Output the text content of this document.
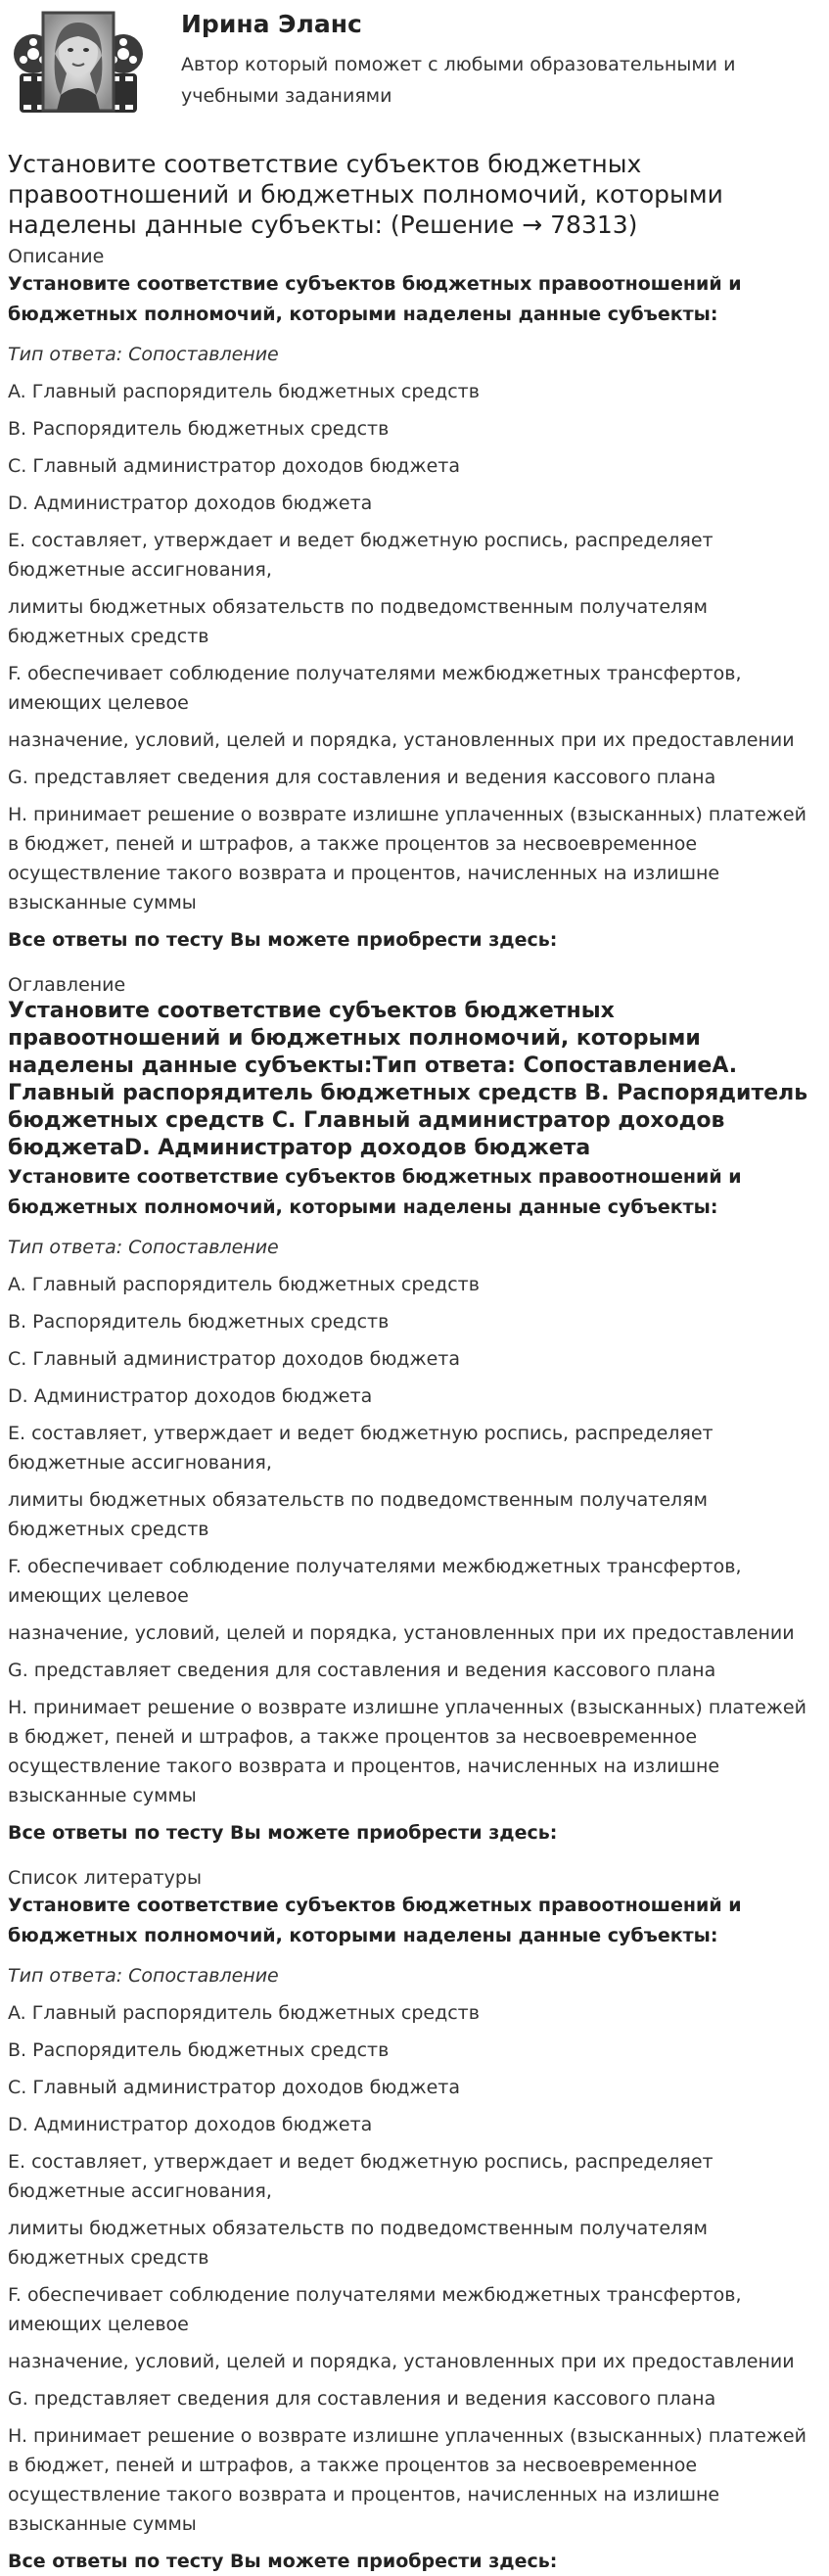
Ирина Эланс
Автор который поможет с любыми образовательными и учебными заданиями
Установите соответствие субъектов бюджетных правоотношений и бюджетных полномочий, которыми наделены данные субъекты: (Решение → 78313)
Описание

Установите соответствие субъектов бюджетных правоотношений и бюджетных полномочий, которыми наделены данные субъекты:

Тип ответа: Сопоставление

A. Главный распорядитель бюджетных средств

B. Распорядитель бюджетных средств

C. Главный администратор доходов бюджета

D. Администратор доходов бюджета

E. составляет, утверждает и ведет бюджетную роспись, распределяет бюджетные ассигнования,

лимиты бюджетных обязательств по подведомственным получателям бюджетных средств

F. обеспечивает соблюдение получателями межбюджетных трансфертов, имеющих целевое

назначение, условий, целей и порядка, установленных при их предоставлении

G. представляет сведения для составления и ведения кассового плана

H. принимает решение о возврате излишне уплаченных (взысканных) платежей в бюджет, пеней и штрафов, а также процентов за несвоевременное осуществление такого возврата и процентов, начисленных на излишне взысканные суммы

Все ответы по тесту Вы можете приобрести здесь:

Оглавление
Установите соответствие субъектов бюджетных правоотношений и бюджетных полномочий, которыми наделены данные субъекты:Тип ответа: СопоставлениеA. Главный распорядитель бюджетных средств B. Распорядитель бюджетных средств C. Главный администратор доходов бюджетаD. Администратор доходов бюджета

Установите соответствие субъектов бюджетных правоотношений и бюджетных полномочий, которыми наделены данные субъекты:

Тип ответа: Сопоставление

A. Главный распорядитель бюджетных средств

B. Распорядитель бюджетных средств

C. Главный администратор доходов бюджета

D. Администратор доходов бюджета

E. составляет, утверждает и ведет бюджетную роспись, распределяет бюджетные ассигнования,

лимиты бюджетных обязательств по подведомственным получателям бюджетных средств

F. обеспечивает соблюдение получателями межбюджетных трансфертов, имеющих целевое

назначение, условий, целей и порядка, установленных при их предоставлении

G. представляет сведения для составления и ведения кассового плана

H. принимает решение о возврате излишне уплаченных (взысканных) платежей в бюджет, пеней и штрафов, а также процентов за несвоевременное осуществление такого возврата и процентов, начисленных на излишне взысканные суммы

Все ответы по тесту Вы можете приобрести здесь:

Список литературы

Установите соответствие субъектов бюджетных правоотношений и бюджетных полномочий, которыми наделены данные субъекты:

Тип ответа: Сопоставление

A. Главный распорядитель бюджетных средств

B. Распорядитель бюджетных средств

C. Главный администратор доходов бюджета

D. Администратор доходов бюджета

E. составляет, утверждает и ведет бюджетную роспись, распределяет бюджетные ассигнования,

лимиты бюджетных обязательств по подведомственным получателям бюджетных средств

F. обеспечивает соблюдение получателями межбюджетных трансфертов, имеющих целевое

назначение, условий, целей и порядка, установленных при их предоставлении

G. представляет сведения для составления и ведения кассового плана

H. принимает решение о возврате излишне уплаченных (взысканных) платежей в бюджет, пеней и штрафов, а также процентов за несвоевременное осуществление такого возврата и процентов, начисленных на излишне взысканные суммы

Все ответы по тесту Вы можете приобрести здесь:
